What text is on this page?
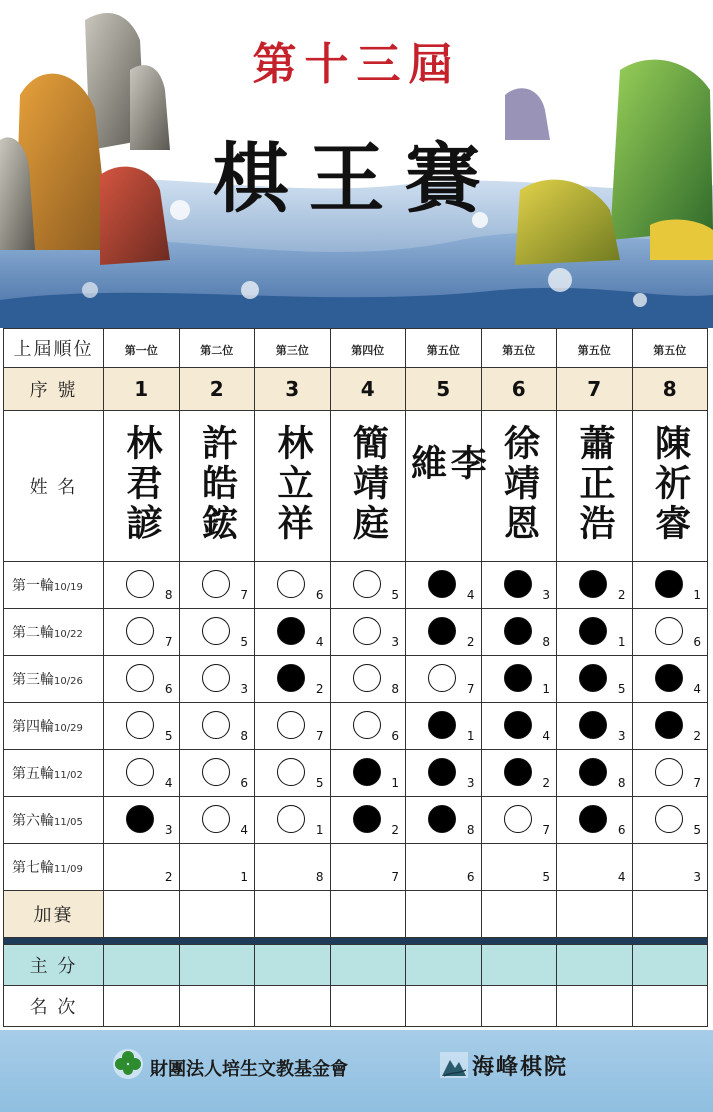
第十三屆
棋王賽
上屆順位	第一位	第二位	第三位	第四位	第五位	第五位	第五位	第五位
序 號	1	2	3	4	5	6	7	8
姓 名	林君諺	許皓鋐	林立祥	簡靖庭	李維	徐靖恩	蕭正浩	陳祈睿
第一輪10/19	8	7	6	5	4	3	2	1

第二輪10/22	7	5	4	3	2	8	1	6

第三輪10/26	6	3	2	8	7	1	5	4

第四輪10/29	5	8	7	6	1	4	3	2

第五輪11/02	4	6	5	1	3	2	8	7

第六輪11/05	3	4	1	2	8	7	6	5

第七輪11/09	2	1	8	7	6	5	4	3

加賽								

主 分								
名 次								
財團法人培生文教基金會	海峰棋院
